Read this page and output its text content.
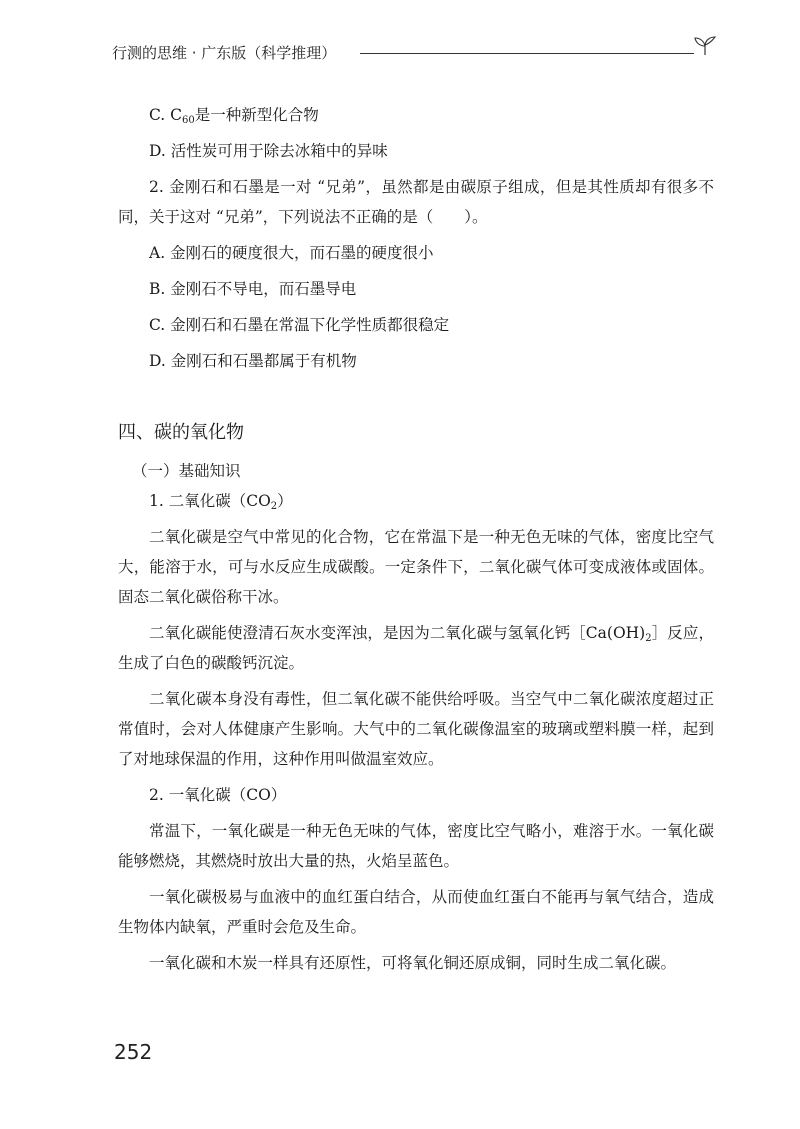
行测的思维 · 广东版（科学推理）

C. $C_{60}$是一种新型化合物

D. 活性炭可用于除去冰箱中的异味

2. 金刚石和石墨是一对 “兄弟”，虽然都是由碳原子组成，但是其性质却有很多不同，关于这对 “兄弟”，下列说法不正确的是（　　）。

A. 金刚石的硬度很大，而石墨的硬度很小

B. 金刚石不导电，而石墨导电

C. 金刚石和石墨在常温下化学性质都很稳定

D. 金刚石和石墨都属于有机物

四、碳的氧化物

（一）基础知识

1. 二氧化碳$(CO_2)$

二氧化碳是空气中常见的化合物，它在常温下是一种无色无味的气体，密度比空气大，能溶于水，可与水反应生成碳酸。一定条件下，二氧化碳气体可变成液体或固体。固态二氧化碳俗称干冰。

二氧化碳能使澄清石灰水变浑浊，是因为二氧化碳与氢氧化钙$[Ca(OH)_2]$反应，生成了白色的碳酸钙沉淀。

二氧化碳本身没有毒性，但二氧化碳不能供给呼吸。当空气中二氧化碳浓度超过正常值时，会对人体健康产生影响。大气中的二氧化碳像温室的玻璃或塑料膜一样，起到了对地球保温的作用，这种作用叫做温室效应。

2. 一氧化碳（CO）

常温下，一氧化碳是一种无色无味的气体，密度比空气略小，难溶于水。一氧化碳能够燃烧，其燃烧时放出大量的热，火焰呈蓝色。

一氧化碳极易与血液中的血红蛋白结合，从而使血红蛋白不能再与氧气结合，造成生物体内缺氧，严重时会危及生命。

一氧化碳和木炭一样具有还原性，可将氧化铜还原成铜，同时生成二氧化碳。

252
